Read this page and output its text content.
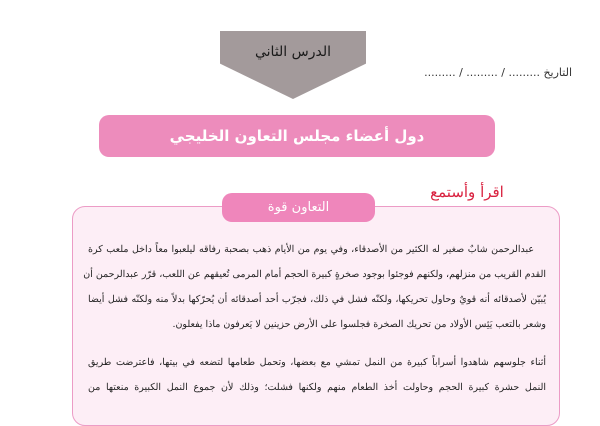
الدرس الثاني
التاريخ ......... / ......... / .........
دول أعضاء مجلس التعاون الخليجي
اقرأ وأستمع
التعاون قوة
عبدالرحمن شابٌ صغير له الكثير من الأصدقاء، وفي يوم من الأيام ذهب بصحبة رفاقه ليلعبوا معاً داخل ملعب كرة
القدم القريب من منزلهم، ولكنهم فوجئوا بوجود صخرةٍ كبيرة الحجم أمام المرمى تُعيقهم عن اللعب، قرّر عبدالرحمن أن
يُبيّن لأصدقائه أنه قويٌ وحاول تحريكها، ولكنّه فشل في ذلك، فجرّب أحد أصدقائه أن يُحرّكها بدلاً منه ولكنّه فشل أيضا
وشعر بالتعب يَئِس الأولاد من تحريك الصخرة فجلسوا على الأرض حزينين لا يَعرفون ماذا يفعلون.
أثناء جلوسهم شاهدوا أسراباً كبيرة من النمل تمشي مع بعضها، وتحمل طعامها لتضعه في بيتها، فاعترضت طريق
النمل حشرة كبيرة الحجم وحاولت أخذ الطعام منهم ولكنها فشلت؛ وذلك لأن جموع النمل الكبيرة منعتها من
